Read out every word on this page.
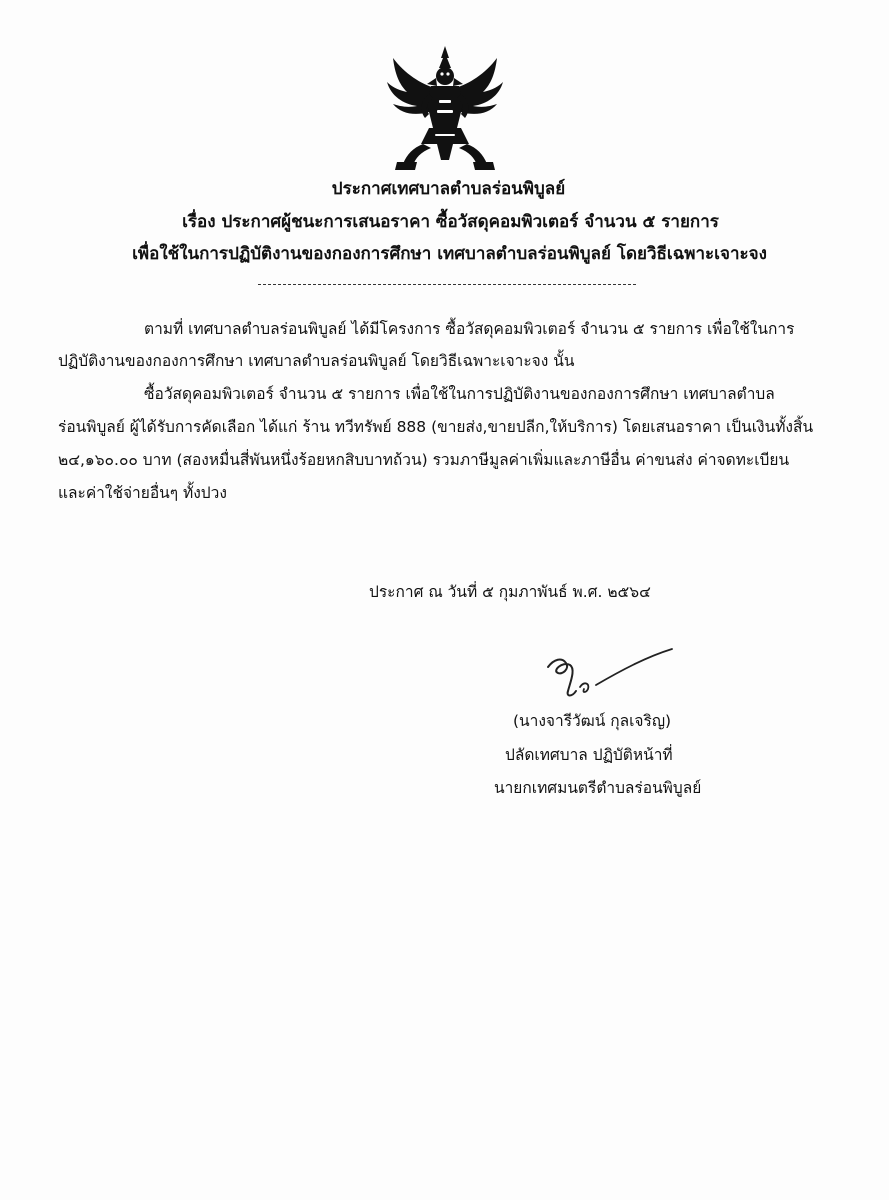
ประกาศเทศบาลตำบลร่อนพิบูลย์
เรื่อง ประกาศผู้ชนะการเสนอราคา ซื้อวัสดุคอมพิวเตอร์ จำนวน ๕ รายการ
เพื่อใช้ในการปฏิบัติงานของกองการศึกษา เทศบาลตำบลร่อนพิบูลย์ โดยวิธีเฉพาะเจาะจง
ตามที่ เทศบาลตำบลร่อนพิบูลย์ ได้มีโครงการ ซื้อวัสดุคอมพิวเตอร์ จำนวน ๕ รายการ เพื่อใช้ในการ
ปฏิบัติงานของกองการศึกษา เทศบาลตำบลร่อนพิบูลย์ โดยวิธีเฉพาะเจาะจง นั้น
ซื้อวัสดุคอมพิวเตอร์ จำนวน ๕ รายการ เพื่อใช้ในการปฏิบัติงานของกองการศึกษา เทศบาลตำบล
ร่อนพิบูลย์ ผู้ได้รับการคัดเลือก ได้แก่ ร้าน ทวีทรัพย์ 888 (ขายส่ง,ขายปลีก,ให้บริการ) โดยเสนอราคา เป็นเงินทั้งสิ้น
๒๔,๑๖๐.๐๐ บาท (สองหมื่นสี่พันหนึ่งร้อยหกสิบบาทถ้วน) รวมภาษีมูลค่าเพิ่มและภาษีอื่น ค่าขนส่ง ค่าจดทะเบียน
และค่าใช้จ่ายอื่นๆ ทั้งปวง
ประกาศ ณ วันที่ ๕ กุมภาพันธ์ พ.ศ. ๒๕๖๔
(นางจารีวัฒน์ กุลเจริญ)
ปลัดเทศบาล ปฏิบัติหน้าที่
นายกเทศมนตรีตำบลร่อนพิบูลย์
